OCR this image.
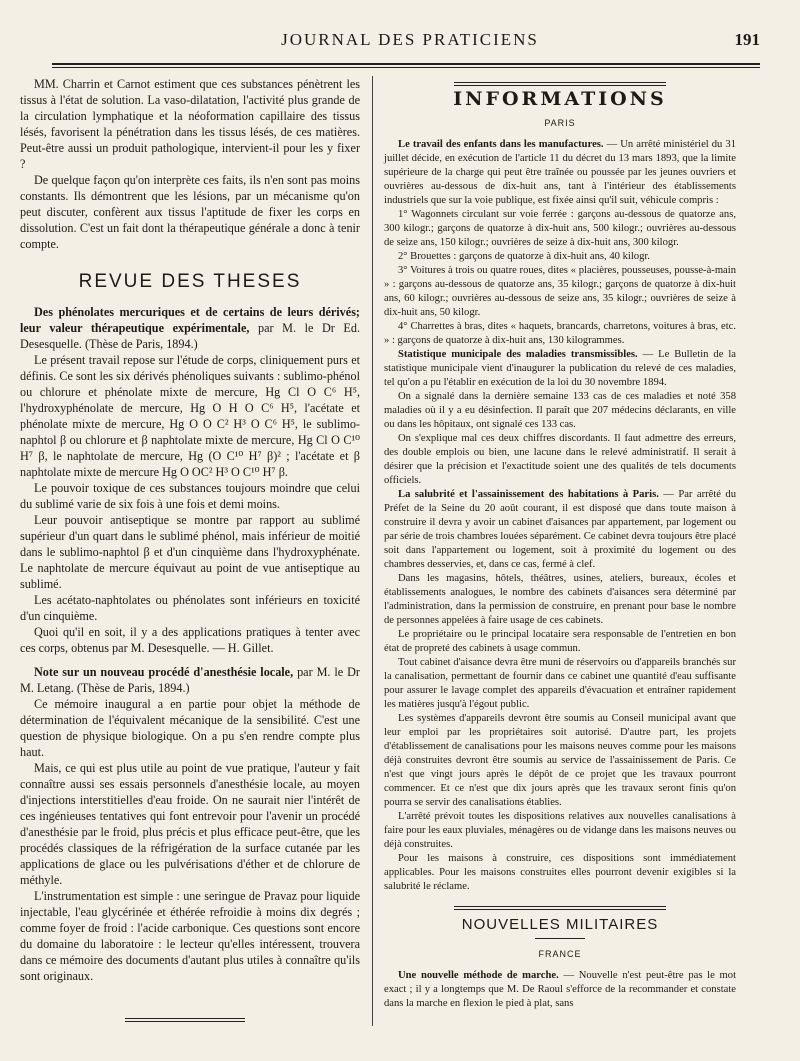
JOURNAL DES PRATICIENS	191

MM. Charrin et Carnot estiment que ces substances pénètrent les tissus à l'état de solution. La vaso-dilatation, l'activité plus grande de la circulation lymphatique et la néoformation capillaire des tissus lésés, favorisent la pénétration dans les tissus lésés, de ces matières. Peut-être aussi un produit pathologique, intervient-il pour les y fixer ?

De quelque façon qu'on interprète ces faits, ils n'en sont pas moins constants. Ils démontrent que les lésions, par un mécanisme qu'on peut discuter, confèrent aux tissus l'aptitude de fixer les corps en dissolution. C'est un fait dont la thérapeutique générale a donc à tenir compte.

REVUE DES THESES

Des phénolates mercuriques et de certains de leurs dérivés; leur valeur thérapeutique expérimentale, par M. le Dr Ed. Desesquelle. (Thèse de Paris, 1894.)

Le présent travail repose sur l'étude de corps, cliniquement purs et définis. Ce sont les six dérivés phénoliques suivants : sublimo-phénol ou chlorure et phénolate mixte de mercure, Hg Cl O C⁶ H⁵, l'hydroxyphénolate de mercure, Hg O H O C⁶ H⁵, l'acétate et phénolate mixte de mercure, Hg O O C² H³ O C⁶ H⁵, le sublimo-naphtol β ou chlorure et β naphtolate mixte de mercure, Hg Cl O C¹⁰ H⁷ β, le naphtolate de mercure, Hg (O C¹⁰ H⁷ β)² ; l'acétate et β naphtolate mixte de mercure Hg O OC² H³ O C¹⁰ H⁷ β.

Le pouvoir toxique de ces substances toujours moindre que celui du sublimé varie de six fois à une fois et demi moins.

Leur pouvoir antiseptique se montre par rapport au sublimé supérieur d'un quart dans le sublimé phénol, mais inférieur de moitié dans le sublimo-naphtol β et d'un cinquième dans l'hydroxyphénate. Le naphtolate de mercure équivaut au point de vue antiseptique au sublimé.

Les acétato-naphtolates ou phénolates sont inférieurs en toxicité d'un cinquième.

Quoi qu'il en soit, il y a des applications pratiques à tenter avec ces corps, obtenus par M. Desesquelle. — H. Gillet.

Note sur un nouveau procédé d'anesthésie locale, par M. le Dr M. Letang. (Thèse de Paris, 1894.)

Ce mémoire inaugural a en partie pour objet la méthode de détermination de l'équivalent mécanique de la sensibilité. C'est une question de physique biologique. On a pu s'en rendre compte plus haut.

Mais, ce qui est plus utile au point de vue pratique, l'auteur y fait connaître aussi ses essais personnels d'anesthésie locale, au moyen d'injections interstitielles d'eau froide. On ne saurait nier l'intérêt de ces ingénieuses tentatives qui font entrevoir pour l'avenir un procédé d'anesthésie par le froid, plus précis et plus efficace peut-être, que les procédés classiques de la réfrigération de la surface cutanée par les applications de glace ou les pulvérisations d'éther et de chlorure de méthyle.

L'instrumentation est simple : une seringue de Pravaz pour liquide injectable, l'eau glycérinée et éthérée refroidie à moins dix degrés ; comme foyer de froid : l'acide carbonique. Ces questions sont encore du domaine du laboratoire : le lecteur qu'elles intéressent, trouvera dans ce mémoire des documents d'autant plus utiles à connaître qu'ils sont originaux.

INFORMATIONS
PARIS

Le travail des enfants dans les manufactures. — Un arrêté ministériel du 31 juillet décide, en exécution de l'article 11 du décret du 13 mars 1893, que la limite supérieure de la charge qui peut être traînée ou poussée par les jeunes ouvriers et ouvrières au-dessous de dix-huit ans, tant à l'intérieur des établissements industriels que sur la voie publique, est fixée ainsi qu'il suit, véhicule compris :

1° Wagonnets circulant sur voie ferrée : garçons au-dessous de quatorze ans, 300 kilogr.; garçons de quatorze à dix-huit ans, 500 kilogr.; ouvrières au-dessous de seize ans, 150 kilogr.; ouvrières de seize à dix-huit ans, 300 kilogr.

2° Brouettes : garçons de quatorze à dix-huit ans, 40 kilogr.

3° Voitures à trois ou quatre roues, dites « placières, pousseuses, pousse-à-main » : garçons au-dessous de quatorze ans, 35 kilogr.; garçons de quatorze à dix-huit ans, 60 kilogr.; ouvrières au-dessous de seize ans, 35 kilogr.; ouvrières de seize à dix-huit ans, 50 kilogr.

4° Charrettes à bras, dites « haquets, brancards, charretons, voitures à bras, etc. » : garçons de quatorze à dix-huit ans, 130 kilogrammes.

Statistique municipale des maladies transmissibles. — Le Bulletin de la statistique municipale vient d'inaugurer la publication du relevé de ces maladies, tel qu'on a pu l'établir en exécution de la loi du 30 novembre 1894.

On a signalé dans la dernière semaine 133 cas de ces maladies et noté 358 maladies où il y a eu désinfection. Il paraît que 207 médecins déclarants, en ville ou dans les hôpitaux, ont signalé ces 133 cas.

On s'explique mal ces deux chiffres discordants. Il faut admettre des erreurs, des double emplois ou bien, une lacune dans le relevé administratif. Il serait à désirer que la précision et l'exactitude soient une des qualités de tels documents officiels.

La salubrité et l'assainissement des habitations à Paris. — Par arrêté du Préfet de la Seine du 20 août courant, il est disposé que dans toute maison à construire il devra y avoir un cabinet d'aisances par appartement, par logement ou par série de trois chambres louées séparément. Ce cabinet devra toujours être placé soit dans l'appartement ou logement, soit à proximité du logement ou des chambres desservies, et, dans ce cas, fermé à clef.

Dans les magasins, hôtels, théâtres, usines, ateliers, bureaux, écoles et établissements analogues, le nombre des cabinets d'aisances sera déterminé par l'administration, dans la permission de construire, en prenant pour base le nombre de personnes appelées à faire usage de ces cabinets.

Le propriétaire ou le principal locataire sera responsable de l'entretien en bon état de propreté des cabinets à usage commun.

Tout cabinet d'aisance devra être muni de réservoirs ou d'appareils branchés sur la canalisation, permettant de fournir dans ce cabinet une quantité d'eau suffisante pour assurer le lavage complet des appareils d'évacuation et entraîner rapidement les matières jusqu'à l'égout public.

Les systèmes d'appareils devront être soumis au Conseil municipal avant que leur emploi par les propriétaires soit autorisé. D'autre part, les projets d'établissement de canalisations pour les maisons neuves comme pour les maisons déjà construites devront être soumis au service de l'assainissement de Paris. Ce n'est que vingt jours après le dépôt de ce projet que les travaux pourront commencer. Et ce n'est que dix jours après que les travaux seront finis qu'on pourra se servir des canalisations établies.

L'arrêté prévoit toutes les dispositions relatives aux nouvelles canalisations à faire pour les eaux pluviales, ménagères ou de vidange dans les maisons neuves ou déjà construites.

Pour les maisons à construire, ces dispositions sont immédiatement applicables. Pour les maisons construites elles pourront devenir exigibles si la salubrité le réclame.

NOUVELLES MILITAIRES
FRANCE

Une nouvelle méthode de marche. — Nouvelle n'est peut-être pas le mot exact ; il y a longtemps que M. De Raoul s'efforce de la recommander et constate dans la marche en flexion le pied à plat, sans
